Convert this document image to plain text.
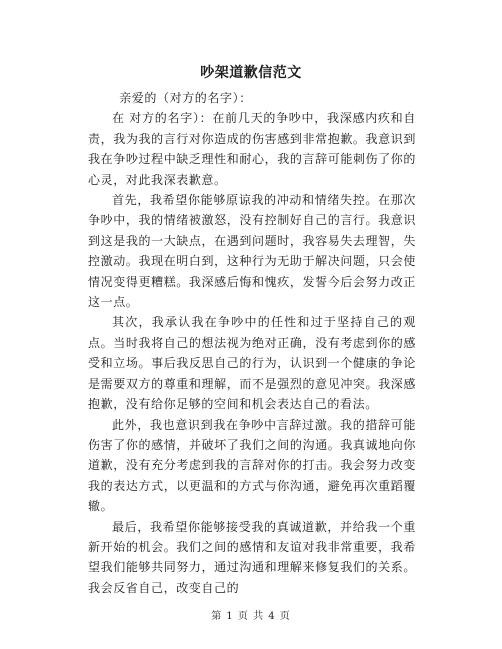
吵架道歉信范文

亲爱的（对方的名字）：

在 对方的名字）：在前几天的争吵中，我深感内疚和自责，我为我的言行对你造成的伤害感到非常抱歉。我意识到我在争吵过程中缺乏理性和耐心，我的言辞可能刺伤了你的心灵，对此我深表歉意。

首先，我希望你能够原谅我的冲动和情绪失控。在那次争吵中，我的情绪被激怒，没有控制好自己的言行。我意识到这是我的一大缺点，在遇到问题时，我容易失去理智，失控激动。我现在明白到，这种行为无助于解决问题，只会使情况变得更糟糕。我深感后悔和愧疚，发誓今后会努力改正这一点。

其次，我承认我在争吵中的任性和过于坚持自己的观点。当时我将自己的想法视为绝对正确，没有考虑到你的感受和立场。事后我反思自己的行为，认识到一个健康的争论是需要双方的尊重和理解，而不是强烈的意见冲突。我深感抱歉，没有给你足够的空间和机会表达自己的看法。

此外，我也意识到我在争吵中言辞过激。我的措辞可能伤害了你的感情，并破坏了我们之间的沟通。我真诚地向你道歉，没有充分考虑到我的言辞对你的打击。我会努力改变我的表达方式，以更温和的方式与你沟通，避免再次重蹈覆辙。

最后，我希望你能够接受我的真诚道歉，并给我一个重新开始的机会。我们之间的感情和友谊对我非常重要，我希望我们能够共同努力，通过沟通和理解来修复我们的关系。我会反省自己，改变自己的

第 1 页 共 4 页
